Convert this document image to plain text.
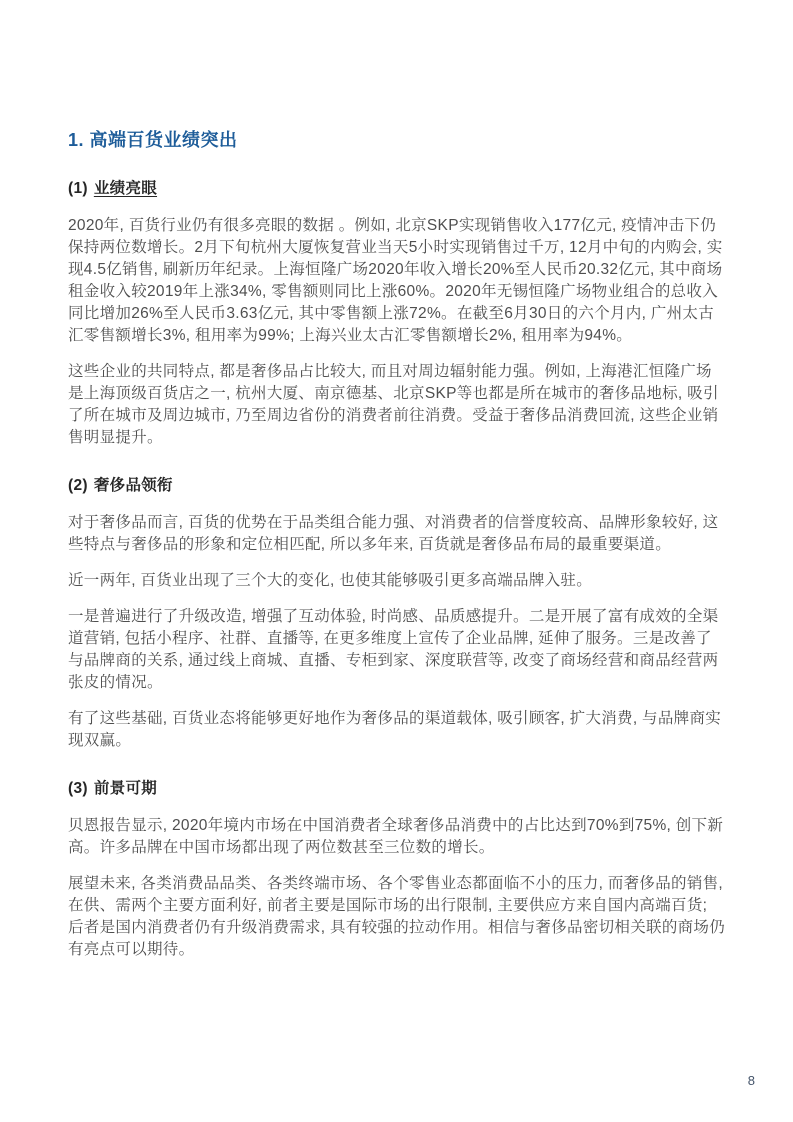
1. 高端百货业绩突出
(1) 业绩亮眼

2020年, 百货行业仍有很多亮眼的数据 。例如, 北京SKP实现销售收入177亿元, 疫情冲击下仍保持两位数增长。2月下旬杭州大厦恢复营业当天5小时实现销售过千万, 12月中旬的内购会, 实现4.5亿销售, 刷新历年纪录。上海恒隆广场2020年收入增长20%至人民币20.32亿元, 其中商场租金收入较2019年上涨34%, 零售额则同比上涨60%。2020年无锡恒隆广场物业组合的总收入同比增加26%至人民币3.63亿元, 其中零售额上涨72%。在截至6月30日的六个月内, 广州太古汇零售额增长3%, 租用率为99%; 上海兴业太古汇零售额增长2%, 租用率为94%。

这些企业的共同特点, 都是奢侈品占比较大, 而且对周边辐射能力强。例如, 上海港汇恒隆广场是上海顶级百货店之一, 杭州大厦、南京德基、北京SKP等也都是所在城市的奢侈品地标, 吸引了所在城市及周边城市, 乃至周边省份的消费者前往消费。受益于奢侈品消费回流, 这些企业销售明显提升。

(2) 奢侈品领衔

对于奢侈品而言, 百货的优势在于品类组合能力强、对消费者的信誉度较高、品牌形象较好, 这些特点与奢侈品的形象和定位相匹配, 所以多年来, 百货就是奢侈品布局的最重要渠道。

近一两年, 百货业出现了三个大的变化, 也使其能够吸引更多高端品牌入驻。

一是普遍进行了升级改造, 增强了互动体验, 时尚感、品质感提升。二是开展了富有成效的全渠道营销, 包括小程序、社群、直播等, 在更多维度上宣传了企业品牌, 延伸了服务。三是改善了与品牌商的关系, 通过线上商城、直播、专柜到家、深度联营等, 改变了商场经营和商品经营两张皮的情况。

有了这些基础, 百货业态将能够更好地作为奢侈品的渠道载体, 吸引顾客, 扩大消费, 与品牌商实现双赢。

(3) 前景可期

贝恩报告显示, 2020年境内市场在中国消费者全球奢侈品消费中的占比达到70%到75%, 创下新高。许多品牌在中国市场都出现了两位数甚至三位数的增长。

展望未来, 各类消费品品类、各类终端市场、各个零售业态都面临不小的压力, 而奢侈品的销售, 在供、需两个主要方面利好, 前者主要是国际市场的出行限制, 主要供应方来自国内高端百货; 后者是国内消费者仍有升级消费需求, 具有较强的拉动作用。相信与奢侈品密切相关联的商场仍有亮点可以期待。

8
